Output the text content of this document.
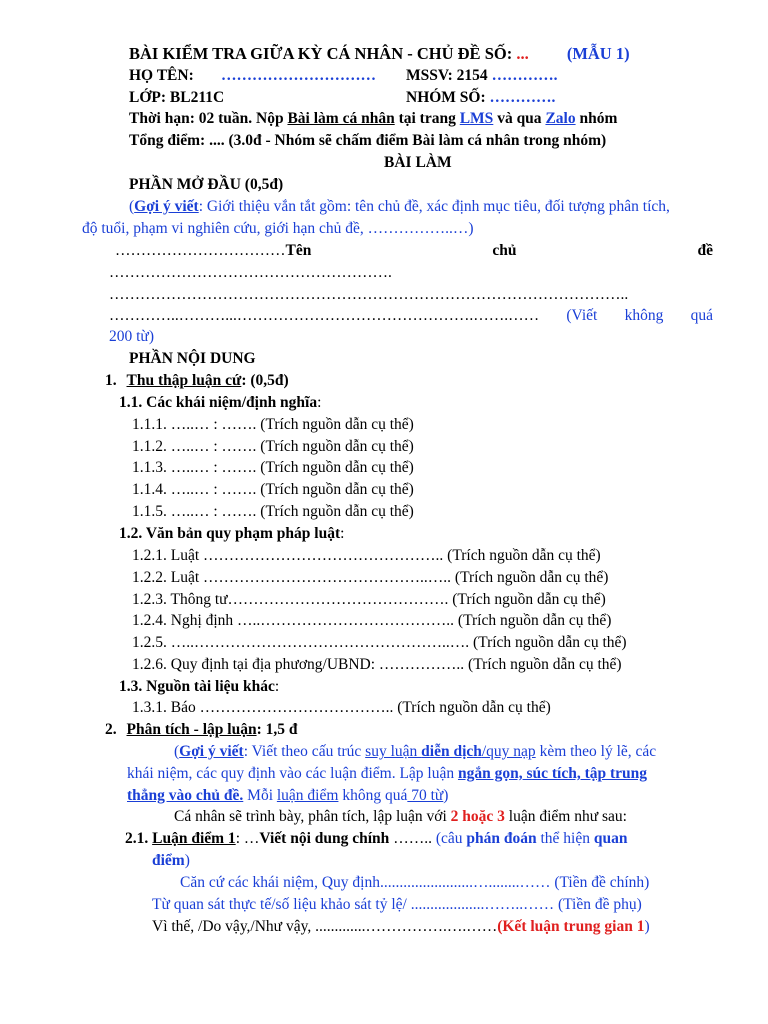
BÀI KIỂM TRA GIỮA KỲ CÁ NHÂN - CHỦ ĐỀ SỐ: ... (MẪU 1)
HỌ TÊN: ………………………… MSSV: 2154 ………….
LỚP: BL211C	NHÓM SỐ: ………….
Thời hạn: 02 tuần. Nộp Bài làm cá nhân tại trang LMS và qua Zalo nhóm
Tổng điểm: .... (3.0đ - Nhóm sẽ chấm điểm Bài làm cá nhân trong nhóm)
BÀI LÀM
PHẦN MỞ ĐẦU (0,5đ)
(Gợi ý viết: Giới thiệu vắn tắt gồm: tên chủ đề, xác định mục tiêu, đối tượng phân tích,
độ tuổi, phạm vi nghiên cứu, giới hạn chủ đề, ……………..…)
……………………………Tên	chủ	đề
……………………………………………….
………………………………………………………………………………………..
…………..………...……………………………………….…….…… (Viết không quá
200 từ)
PHẦN NỘI DUNG
1. Thu thập luận cứ: (0,5đ)
1.1. Các khái niệm/định nghĩa:
1.1.1. …..… : ……. (Trích nguồn dẫn cụ thể)
1.1.2. …..… : ……. (Trích nguồn dẫn cụ thể)
1.1.3. …..… : ……. (Trích nguồn dẫn cụ thể)
1.1.4. …..… : ……. (Trích nguồn dẫn cụ thể)
1.1.5. …..… : ……. (Trích nguồn dẫn cụ thể)
1.2. Văn bản quy phạm pháp luật:
1.2.1. Luật ……………………………………….. (Trích nguồn dẫn cụ thể)
1.2.2. Luật ……………………………………..….. (Trích nguồn dẫn cụ thể)
1.2.3. Thông tư……………………………………. (Trích nguồn dẫn cụ thể)
1.2.4. Nghị định …..……………………………….. (Trích nguồn dẫn cụ thể)
1.2.5. …..…………………………………………..…. (Trích nguồn dẫn cụ thể)
1.2.6. Quy định tại địa phương/UBND: …………….. (Trích nguồn dẫn cụ thể)
1.3. Nguồn tài liệu khác:
1.3.1. Báo ……………………………….. (Trích nguồn dẫn cụ thể)
2. Phân tích - lập luận: 1,5 đ
(Gợi ý viết: Viết theo cấu trúc suy luận diễn dịch/quy nạp kèm theo lý lẽ, các
khái niệm, các quy định vào các luận điểm. Lập luận ngắn gọn, súc tích, tập trung
thẳng vào chủ đề. Mỗi luận điểm không quá 70 từ)
Cá nhân sẽ trình bày, phân tích, lập luận với 2 hoặc 3 luận điểm như sau:
2.1. Luận điểm 1: …Viết nội dung chính …….. (câu phán đoán thể hiện quan
điểm)
Căn cứ các khái niệm, Quy định........................…........…… (Tiền đề chính)
Từ quan sát thực tế/số liệu khảo sát tỷ lệ/ ...................……..…… (Tiền đề phụ)
Vì thế, /Do vậy,/Như vậy, .............…………….….……(Kết luận trung gian 1)
